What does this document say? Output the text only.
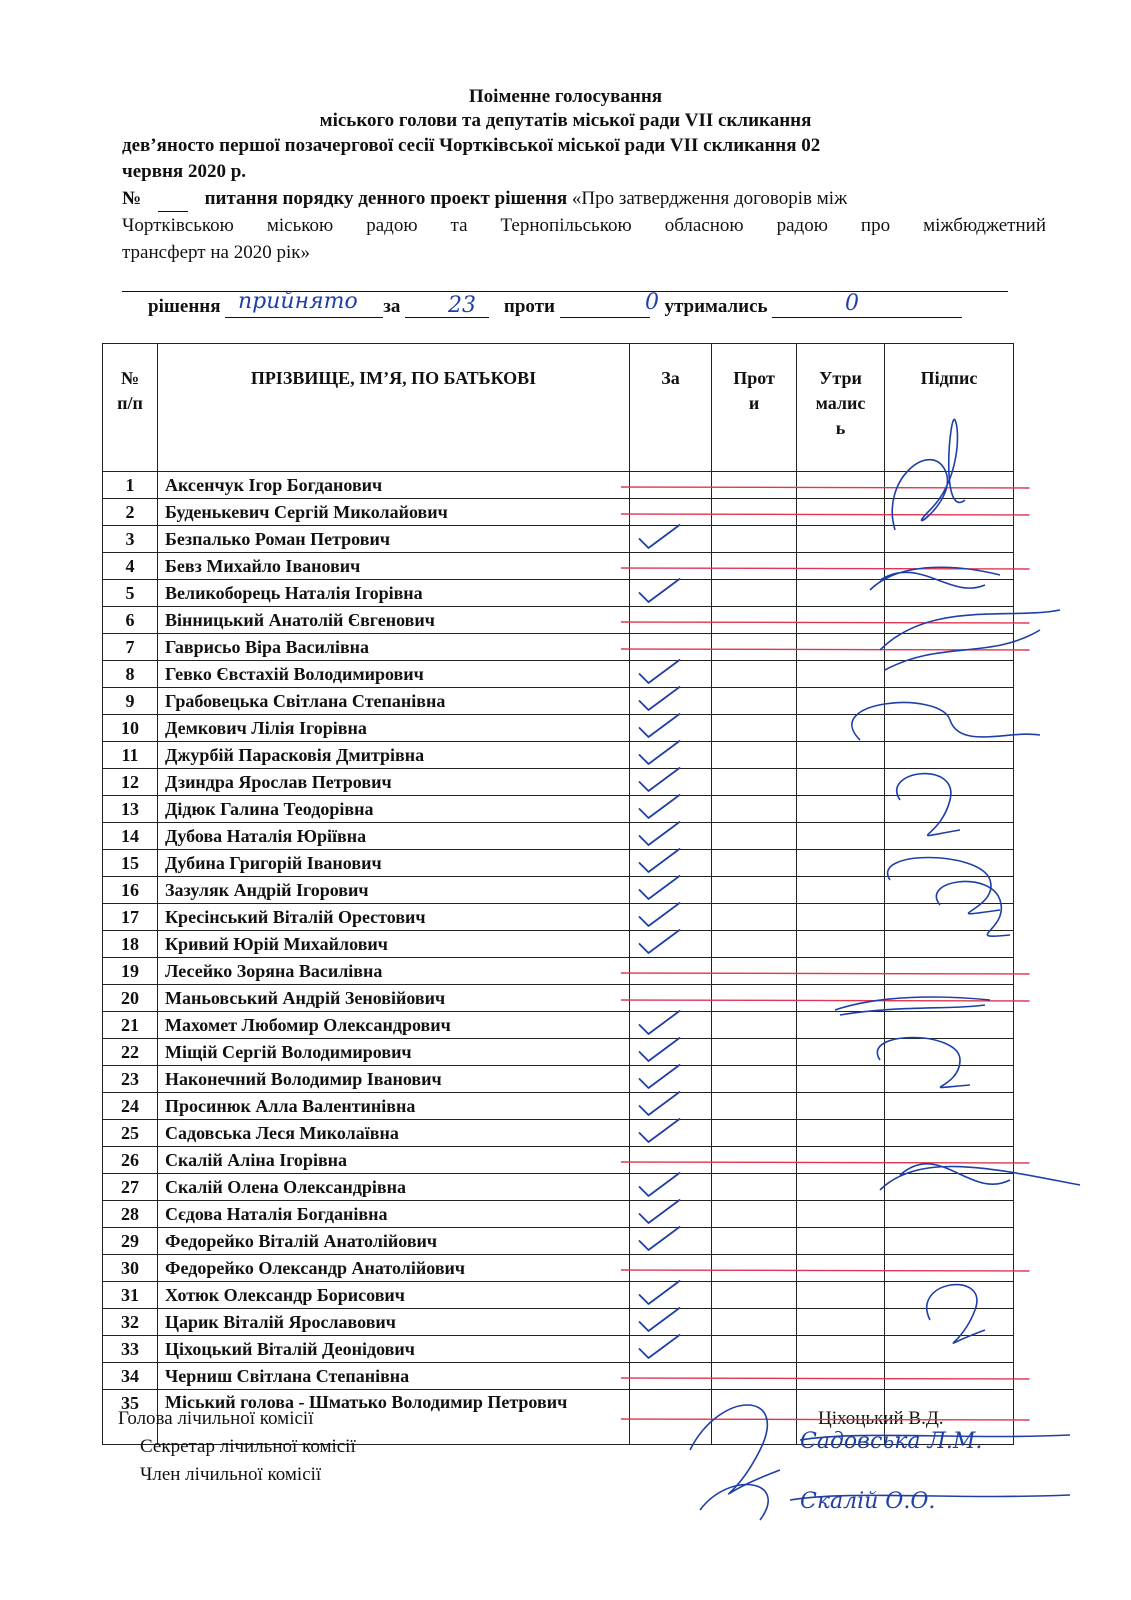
Поіменне голосування
міського голови та депутатів міської ради VII скликання
дев’яносто першої позачергової сесії Чортківської міської ради VII скликання 02
червня 2020 р.
№	питання порядку денного проект рішення «Про затвердження договорів між
Чортківською міською радою та Тернопільською обласною радою про міжбюджетний
трансферт на 2020 рік»
рішення	за	проти	утримались
№ п/п	ПРІЗВИЩЕ, ІМ’Я, ПО БАТЬКОВІ	За	Прот и	Утри малис ь	Підпис
1	Аксенчук Ігор Богданович				
2	Буденькевич Сергій Миколайович				
3	Безпалько Роман Петрович				
4	Бевз Михайло Іванович				
5	Великоборець Наталія Ігорівна				
6	Вінницький Анатолій Євгенович				
7	Гаврисьо Віра Василівна				
8	Гевко Євстахій Володимирович				
9	Грабовецька Світлана Степанівна				
10	Демкович Лілія Ігорівна				
11	Джурбій Парасковія Дмитрівна				
12	Дзиндра Ярослав Петрович				
13	Дідюк Галина Теодорівна				
14	Дубова Наталія Юріївна				
15	Дубина Григорій Іванович				
16	Зазуляк Андрій Ігорович				
17	Кресінський Віталій Орестович				
18	Кривий Юрій Михайлович				
19	Лесейко Зоряна Василівна				
20	Маньовський Андрій Зеновійович				
21	Махомет Любомир Олександрович				
22	Міщій Сергій Володимирович				
23	Наконечний Володимир Іванович				
24	Просинюк Алла Валентинівна				
25	Садовська Леся Миколаївна				
26	Скалій Аліна Ігорівна				
27	Скалій Олена Олександрівна				
28	Сєдова Наталія Богданівна				
29	Федорейко Віталій Анатолійович				
30	Федорейко Олександр Анатолійович				
31	Хотюк Олександр Борисович				
32	Царик Віталій Ярославович				
33	Ціхоцький Віталій Деонідович				
34	Черниш Світлана Степанівна				
35	Міський голова - Шматько Володимир Петрович				
Голова лічильної комісії	Ціхоцький В.Д.
Секретар лічильної комісії
Член лічильної комісії
прийнято	23	0	0
Садовська Л.М.
Скалій О.О.
